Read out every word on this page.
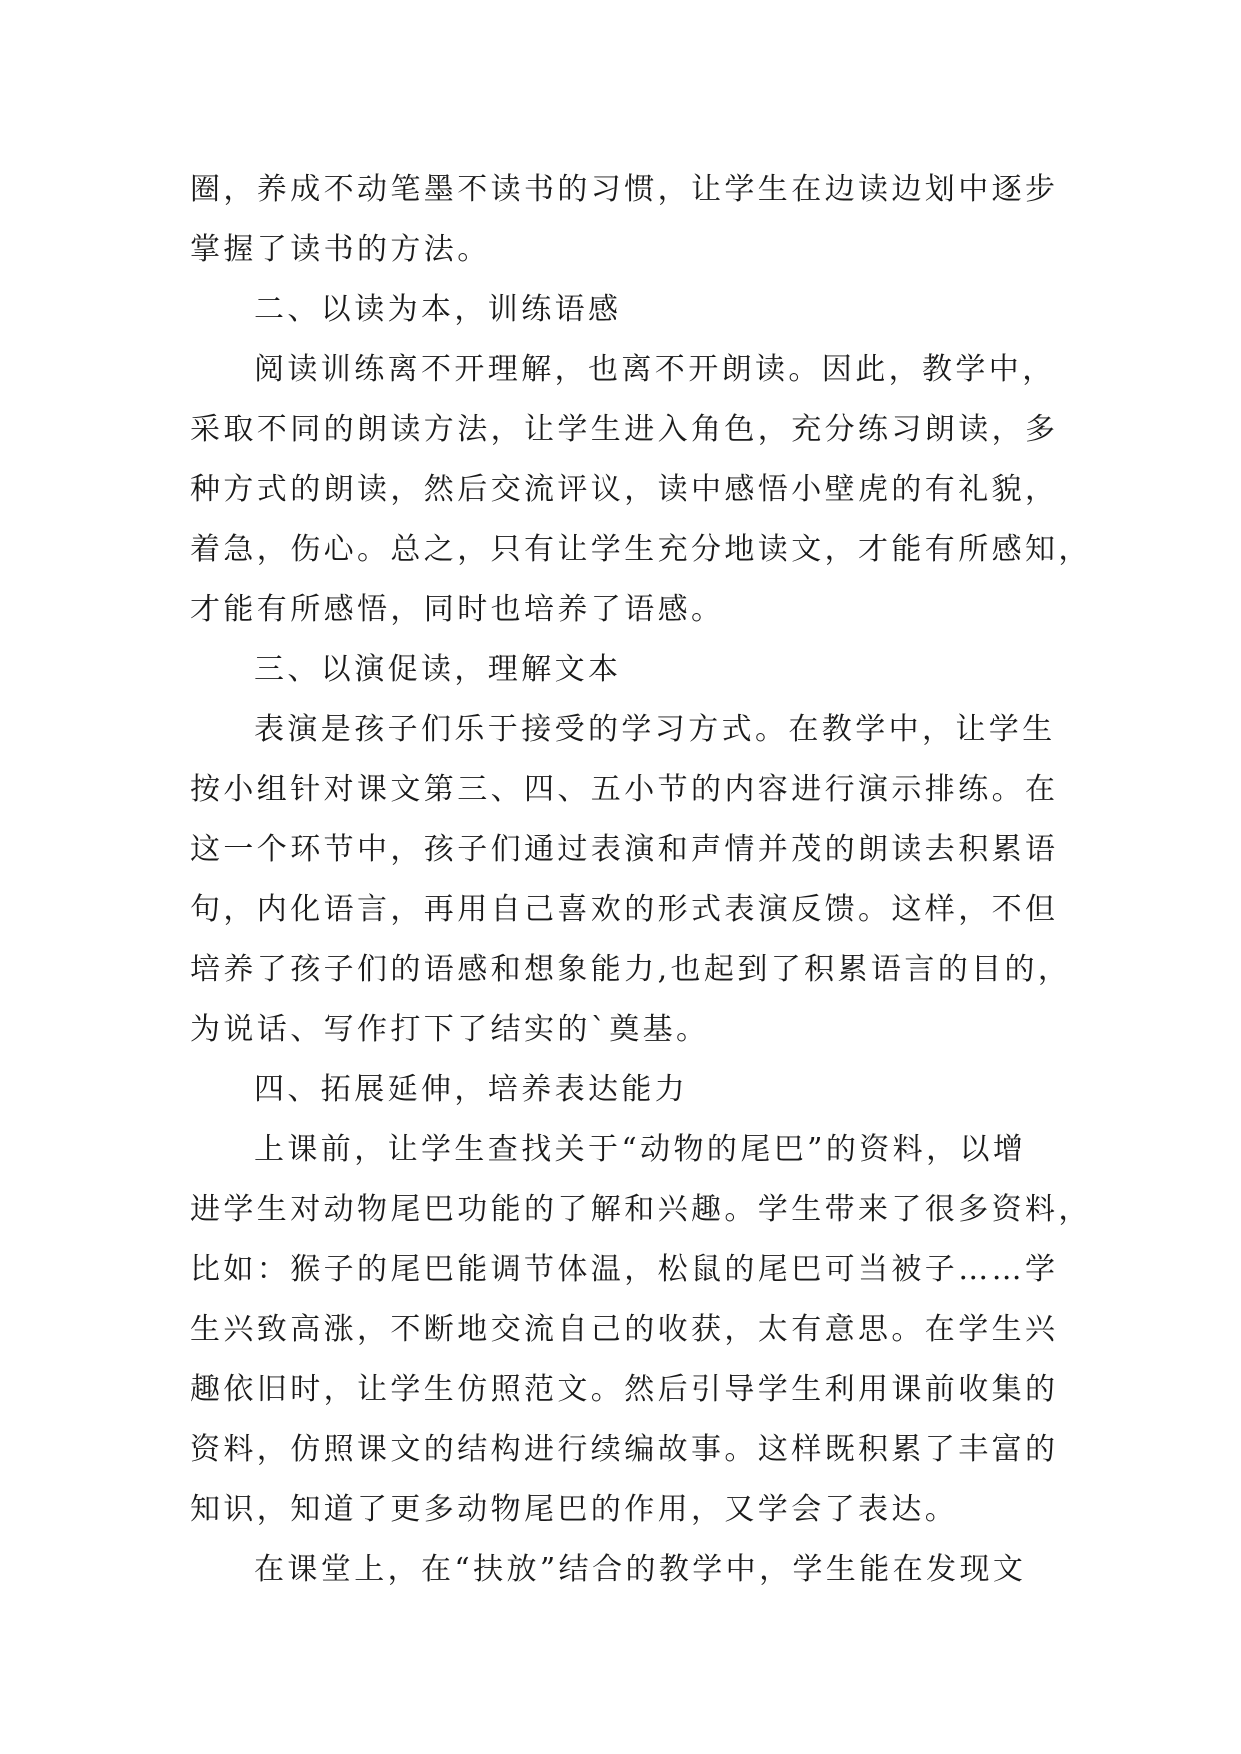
圈，养成不动笔墨不读书的习惯，让学生在边读边划中逐步
掌握了读书的方法。
二、以读为本，训练语感
阅读训练离不开理解，也离不开朗读。因此，教学中，
采取不同的朗读方法，让学生进入角色，充分练习朗读，多
种方式的朗读，然后交流评议，读中感悟小壁虎的有礼貌，
着急，伤心。总之，只有让学生充分地读文，才能有所感知，
才能有所感悟，同时也培养了语感。
三、以演促读，理解文本
表演是孩子们乐于接受的学习方式。在教学中，让学生
按小组针对课文第三、四、五小节的内容进行演示排练。在
这一个环节中，孩子们通过表演和声情并茂的朗读去积累语
句，内化语言，再用自己喜欢的形式表演反馈。这样，不但
培养了孩子们的语感和想象能力,也起到了积累语言的目的，
为说话、写作打下了结实的`奠基。
四、拓展延伸，培养表达能力
上课前，让学生查找关于“动物的尾巴”的资料，以增
进学生对动物尾巴功能的了解和兴趣。学生带来了很多资料，
比如：猴子的尾巴能调节体温，松鼠的尾巴可当被子……学
生兴致高涨，不断地交流自己的收获，太有意思。在学生兴
趣依旧时，让学生仿照范文。然后引导学生利用课前收集的
资料，仿照课文的结构进行续编故事。这样既积累了丰富的
知识，知道了更多动物尾巴的作用，又学会了表达。
在课堂上，在“扶放”结合的教学中，学生能在发现文
